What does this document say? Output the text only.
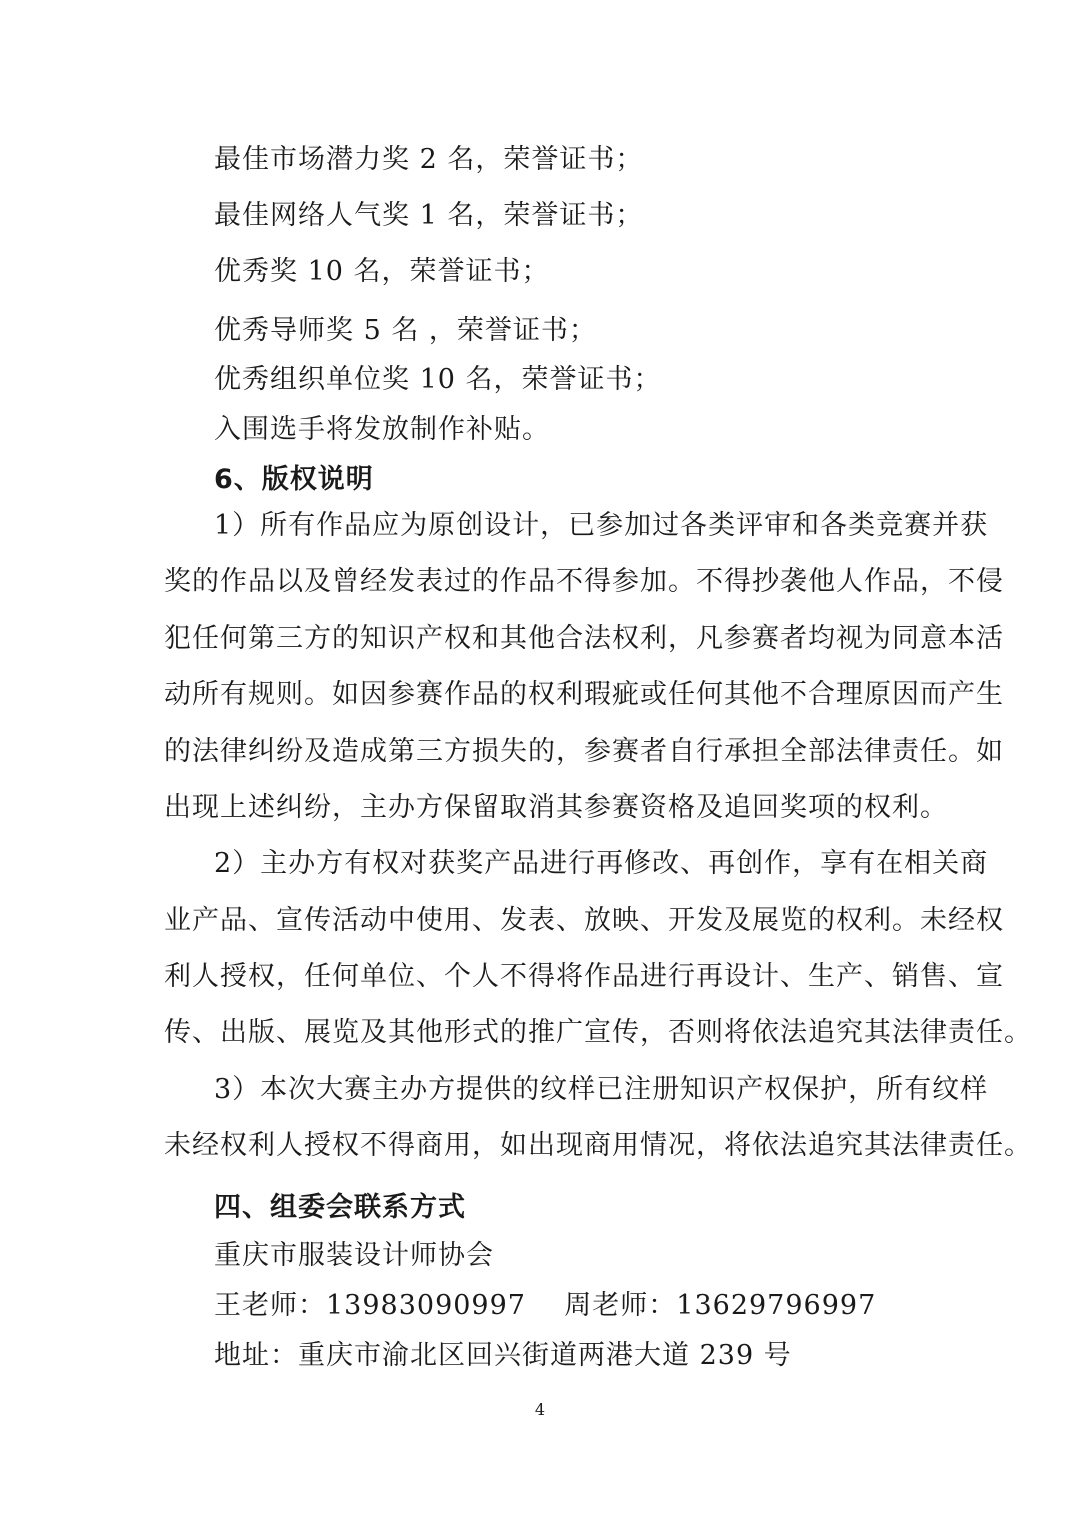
最佳市场潜力奖 2 名，荣誉证书；
最佳网络人气奖 1 名，荣誉证书；
优秀奖 10 名，荣誉证书；
优秀导师奖 5 名 ，荣誉证书；
优秀组织单位奖 10 名，荣誉证书；
入围选手将发放制作补贴。
6、版权说明
1）所有作品应为原创设计，已参加过各类评审和各类竞赛并获
奖的作品以及曾经发表过的作品不得参加。不得抄袭他人作品，不侵
犯任何第三方的知识产权和其他合法权利，凡参赛者均视为同意本活
动所有规则。如因参赛作品的权利瑕疵或任何其他不合理原因而产生
的法律纠纷及造成第三方损失的，参赛者自行承担全部法律责任。如
出现上述纠纷，主办方保留取消其参赛资格及追回奖项的权利。
2）主办方有权对获奖产品进行再修改、再创作，享有在相关商
业产品、宣传活动中使用、发表、放映、开发及展览的权利。未经权
利人授权，任何单位、个人不得将作品进行再设计、生产、销售、宣
传、出版、展览及其他形式的推广宣传，否则将依法追究其法律责任。
3）本次大赛主办方提供的纹样已注册知识产权保护，所有纹样
未经权利人授权不得商用，如出现商用情况，将依法追究其法律责任。
四、组委会联系方式
重庆市服装设计师协会
王老师：13983090997    周老师：13629796997
地址：重庆市渝北区回兴街道两港大道 239 号
4
